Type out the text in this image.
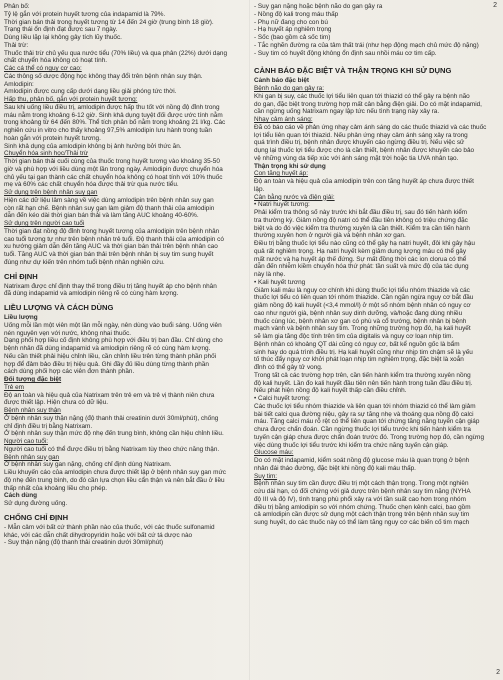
2

Phân bố:

Tỷ lệ gắn với protein huyết tương của indapamid là 79%.

Thời gian bán thải trong huyết tương từ 14 đến 24 giờ (trung bình 18 giờ).

Trạng thái ổn định đạt được sau 7 ngày.

Dùng liều lặp lại không gây tích lũy thuốc.

Thải trừ:

Thuốc thải trừ chủ yếu qua nước tiểu (70% liều) và qua phân (22%) dưới dạng

chất chuyển hóa không có hoạt tính.

Các cá thể có nguy cơ cao:

Các thông số dược động học không thay đổi trên bệnh nhân suy thận.

Amlodipin:

Amlodipin được cung cấp dưới dạng liều giải phóng tức thời.

Hấp thu, phân bố, gắn với protein huyết tương:

Sau khi uống liều điều trị, amlodipin được hấp thu tốt với nồng độ đỉnh trong

máu nằm trong khoảng 6-12 giờ. Sinh khả dụng tuyệt đối được ước tính nằm

trong khoảng từ 64 đến 80%. Thể tích phân bố nằm trong khoảng 21 l/kg. Các

nghiên cứu in vitro cho thấy khoảng 97,5% amlodipin lưu hành trong tuần

hoàn gắn với protein huyết tương.

Sinh khả dụng của amlodipin không bị ảnh hưởng bởi thức ăn.

Chuyển hóa sinh học/Thải trừ

Thời gian bán thải cuối cùng của thuốc trong huyết tương vào khoảng 35-50

giờ và phù hợp với liều dùng một lần trong ngày. Amlodipin được chuyển hóa

chủ yếu tại gan thành các chất chuyển hóa không có hoạt tính với 10% thuốc

mẹ và 60% các chất chuyển hóa được thải trừ qua nước tiểu.

Sử dụng trên bệnh nhân suy gan

Hiện các dữ liệu lâm sàng về việc dùng amlodipin trên bệnh nhân suy gan

còn rất hạn chế. Bệnh nhân suy gan làm giảm độ thanh thải của amlodipin

dẫn đến kéo dài thời gian bán thải và làm tăng AUC khoảng 40-60%.

Sử dụng trên người cao tuổi

Thời gian đạt nồng độ đỉnh trong huyết tương của amlodipin trên bệnh nhân

cao tuổi tương tự như trên bệnh nhân trẻ tuổi. Độ thanh thải của amlodipin có

xu hướng giảm dẫn đến tăng AUC và thời gian bán thải trên bệnh nhân cao

tuổi. Tăng AUC và thời gian bán thải trên bệnh nhân bị suy tim sung huyết

đúng như dự kiến trên nhóm tuổi bệnh nhân nghiên cứu.

CHỈ ĐỊNH

Natrixam được chỉ định thay thế trong điều trị tăng huyết áp cho bệnh nhân

đã dùng indapamid và amlodipin riêng rẽ có cùng hàm lượng.

LIỀU LƯỢNG VÀ CÁCH DÙNG
Liều lượng

Uống mỗi lần một viên một lần mỗi ngày, nên dùng vào buổi sáng. Uống viên

nén nguyên vẹn với nước, không nhai thuốc.

Dạng phối hợp liều cố định không phù hợp với điều trị ban đầu. Chỉ dùng cho

bệnh nhân đã dùng indapamid và amlodipin riêng rẽ có cùng hàm lượng.

Nếu cần thiết phải hiệu chỉnh liều, cần chỉnh liều trên từng thành phần phối

hợp để đảm bảo điều trị hiệu quả. Ghi đầy đủ liều dùng từng thành phần

cách dùng phối hợp các viên đơn thành phần.

Đối tượng đặc biệt

Trẻ em

Độ an toàn và hiệu quả của Natrixam trên trẻ em và trẻ vị thành niên chưa

được thiết lập. Hiện chưa có dữ liệu.

Bệnh nhân suy thận

Ở bệnh nhân suy thận nặng (độ thanh thải creatinin dưới 30ml/phút), chống

chỉ định điều trị bằng Natrixam.

Ở bệnh nhân suy thận mức độ nhẹ đến trung bình, không cần hiệu chỉnh liều.

Người cao tuổi:

Người cao tuổi có thể được điều trị bằng Natrixam tùy theo chức năng thận.

Bệnh nhân suy gan

Ở bệnh nhân suy gan nặng, chống chỉ định dùng Natrixam.

Liều khuyến cáo của amlodipin chưa được thiết lập ở bệnh nhân suy gan mức

độ nhẹ đến trung bình, do đó cần lựa chọn liều cẩn thận và nên bắt đầu ở liều

thấp nhất của khoảng liều cho phép.

Cách dùng

Sử dụng đường uống.

CHỐNG CHỈ ĐỊNH

- Mẫn cảm với bất cứ thành phần nào của thuốc, với các thuốc sulfonamid

khác, với các dẫn chất dihydropyridin hoặc với bất cứ tá dược nào

- Suy thận nặng (độ thanh thải creatinin dưới 30ml/phút)

- Suy gan nặng hoặc bệnh não do gan gây ra

- Nồng độ kali trong máu thấp

- Phụ nữ đang cho con bú

- Hạ huyết áp nghiêm trọng

- Sốc (bao gồm cả sốc tim)

- Tắc nghẽn đường ra của tâm thất trái (như hẹp động mạch chủ mức độ nặng)

- Suy tim có huyết động không ổn định sau nhồi máu cơ tim cấp.

CẢNH BÁO ĐẶC BIỆT VÀ THẬN TRỌNG KHI SỬ DỤNG
Cảnh báo đặc biệt

Bệnh não do gan gây ra:

Khi gan bị suy, các thuốc lợi tiểu liên quan tới thiazid có thể gây ra bệnh não

do gan, đặc biệt trong trường hợp mất cân bằng điện giải. Do có mặt indapamid,

cần ngừng uống Natrixam ngay lập tức nếu tình trạng này xảy ra.

Nhạy cảm ánh sáng:

Đã có báo cáo về phản ứng nhạy cảm ánh sáng do các thuốc thiazid và các thuốc

lợi tiểu liên quan tới thiazid. Nếu phản ứng nhạy cảm ánh sáng xảy ra trong

quá trình điều trị, bệnh nhân được khuyến cáo ngừng điều trị. Nếu việc sử

dụng lại thuốc lợi tiểu được cho là cần thiết, bệnh nhân được khuyến cáo bảo

vệ những vùng da tiếp xúc với ánh sáng mặt trời hoặc tia UVA nhân tạo.

Thận trọng khi sử dụng

Con tăng huyết áp:

Độ an toàn và hiệu quả của amlodipin trên con tăng huyết áp chưa được thiết

lập.

Cân bằng nước và điện giải:

• Natri huyết tương:

Phải kiểm tra thông số này trước khi bắt đầu điều trị, sau đó tiến hành kiểm

tra thường kỳ. Giảm nồng độ natri có thể đầu tiên không có triệu chứng đặc

biệt và do đó việc kiểm tra thường xuyên là cần thiết. Kiểm tra cần tiến hành

thường xuyên hơn ở người già và bệnh nhân xơ gan.

Điều trị bằng thuốc lợi tiểu nào cũng có thể gây hạ natri huyết, đôi khi gây hậu

quả rất nghiêm trọng. Hạ natri huyết kèm giảm dung lượng máu có thể gây

mất nước và hạ huyết áp thế đứng. Sự mất đồng thời các ion clorua có thể

dẫn đến nhiễm kiềm chuyển hóa thứ phát: tần suất và mức độ của tác dụng

này là nhẹ.

• Kali huyết tương

Giảm kali máu là nguy cơ chính khi dùng thuốc lợi tiểu nhóm thiazide và các

thuốc lợi tiểu có liên quan tới nhóm thiazide. Cần ngăn ngừa nguy cơ bắt đầu

giảm nồng độ kali huyết (<3,4 mmol/l) ở một số nhóm bệnh nhân có nguy cơ

cao như người già, bệnh nhân suy dinh dưỡng, và/hoặc đang dùng nhiều

thuốc cùng lúc, bệnh nhân xơ gan có phù và cổ trướng, bệnh nhân bị bệnh

mạch vành và bệnh nhân suy tim. Trong những trường hợp đó, hạ kali huyết

sẽ làm gia tăng độc tính trên tim của digitalis và nguy cơ loạn nhịp tim.

Bệnh nhân có khoảng QT dài cũng có nguy cơ, bất kể nguồn gốc là bẩm

sinh hay do quá trình điều trị. Hạ kali huyết cũng như nhịp tim chậm sẽ là yếu

tố thúc đẩy nguy cơ khởi phát loạn nhịp tim nghiêm trọng, đặc biệt là xoắn

đỉnh có thể gây tử vong.

Trong tất cả các trường hợp trên, cần tiến hành kiểm tra thường xuyên nồng

độ kali huyết. Lần đo kali huyết đầu tiên nên tiến hành trong tuần đầu điều trị.

Nếu phát hiện nồng độ kali huyết thấp cần điều chỉnh.

• Calci huyết tương:

Các thuốc lợi tiểu nhóm thiazide và liên quan tới nhóm thiazid có thể làm giảm

bài tiết calci qua đường niệu, gây ra sự tăng nhẹ và thoáng qua nồng độ calci

máu. Tăng calci máu rõ rệt có thể liên quan tới chứng tăng năng tuyến cận giáp

chưa được chẩn đoán. Cần ngừng thuốc lợi tiểu trước khi tiến hành kiểm tra

tuyến cận giáp chưa được chẩn đoán trước đó. Trong trường hợp đó, cần ngừng

việc dùng thuốc lợi tiểu trước khi kiểm tra chức năng tuyến cận giáp.

Glucose máu:

Do có mặt indapamid, kiểm soát nồng độ glucose máu là quan trọng ở bệnh

nhân đái tháo đường, đặc biệt khi nồng độ kali máu thấp.

Suy tim:

Bệnh nhân suy tim cần được điều trị một cách thận trọng. Trong một nghiên

cứu dài hạn, có đối chứng với giả dược trên bệnh nhân suy tim nặng (NYHA

độ III và độ IV), tình trạng phù phổi xảy ra với tần suất cao hơn trong nhóm

điều trị bằng amlodipin so với nhóm chứng. Thuốc chẹn kênh calci, bao gồm

cả amlodipin cần được sử dụng một cách thận trọng trên bệnh nhân suy tim

sung huyết, do các thuốc này có thể làm tăng nguy cơ các biến cố tim mạch

2
